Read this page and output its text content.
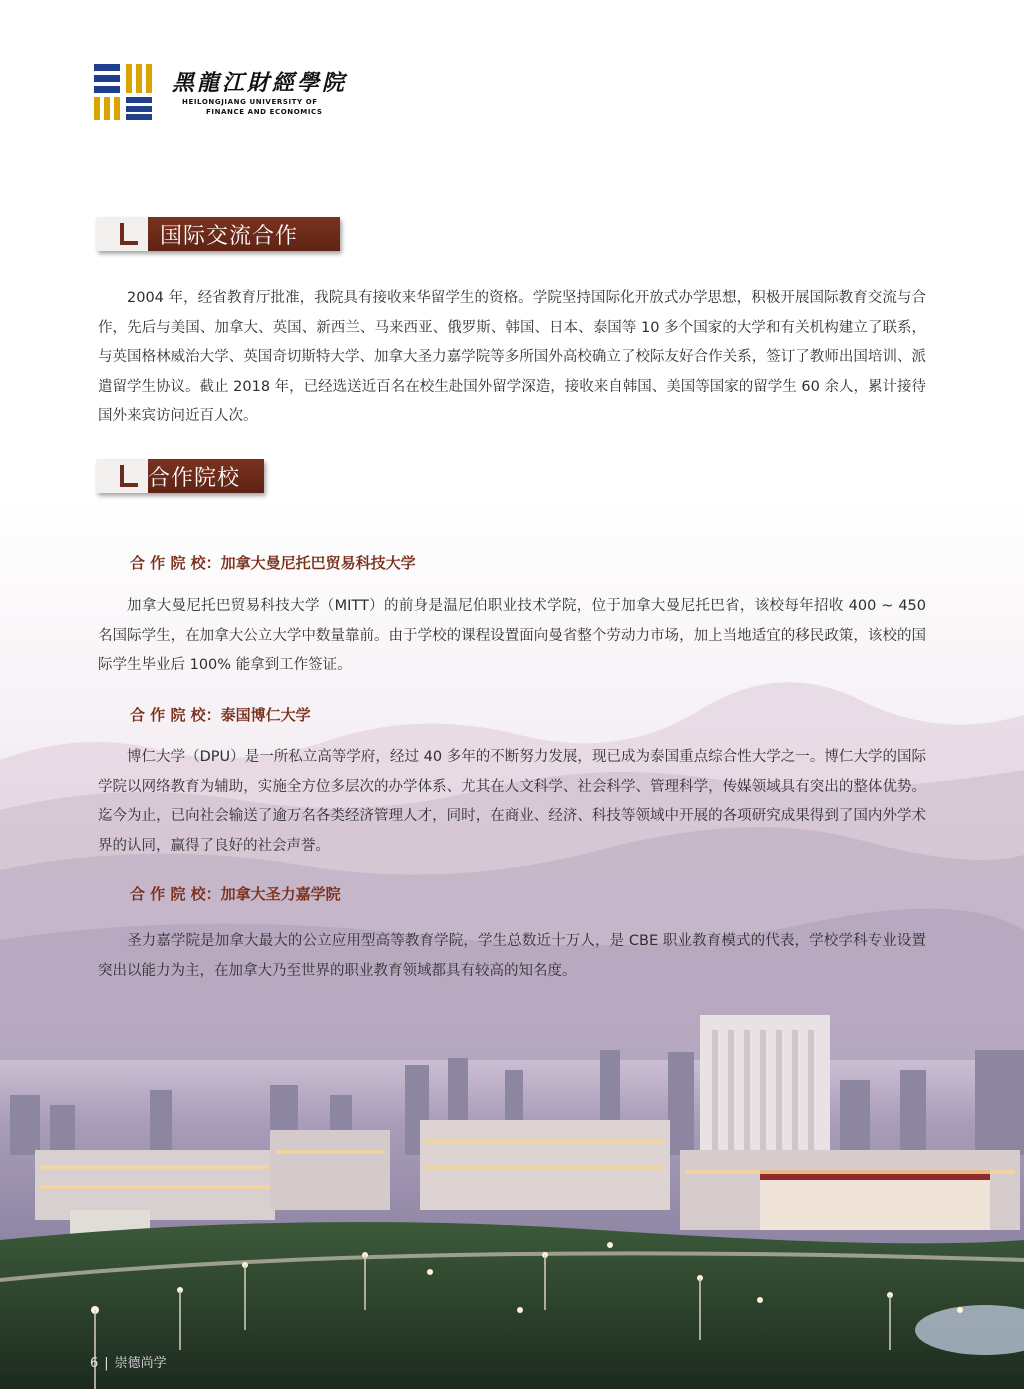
黑龍江財經學院
HEILONGJIANG UNIVERSITY OF
FINANCE AND ECONOMICS
国际交流合作
2004 年，经省教育厅批准，我院具有接收来华留学生的资格。学院坚持国际化开放式办学思想，积极开展国际教育交流与合作，先后与美国、加拿大、英国、新西兰、马来西亚、俄罗斯、韩国、日本、泰国等 10 多个国家的大学和有关机构建立了联系，与英国格林威治大学、英国奇切斯特大学、加拿大圣力嘉学院等多所国外高校确立了校际友好合作关系，签订了教师出国培训、派遣留学生协议。截止 2018 年，已经选送近百名在校生赴国外留学深造，接收来自韩国、美国等国家的留学生 60 余人，累计接待国外来宾访问近百人次。
合作院校
合 作 院 校：加拿大曼尼托巴贸易科技大学
加拿大曼尼托巴贸易科技大学（MITT）的前身是温尼伯职业技术学院，位于加拿大曼尼托巴省，该校每年招收 400 ~ 450 名国际学生，在加拿大公立大学中数量靠前。由于学校的课程设置面向曼省整个劳动力市场，加上当地适宜的移民政策，该校的国际学生毕业后 100% 能拿到工作签证。
合 作 院 校：泰国博仁大学
博仁大学（DPU）是一所私立高等学府，经过 40 多年的不断努力发展，现已成为泰国重点综合性大学之一。博仁大学的国际学院以网络教育为辅助，实施全方位多层次的办学体系、尤其在人文科学、社会科学、管理科学，传媒领域具有突出的整体优势。迄今为止，已向社会输送了逾万名各类经济管理人才，同时，在商业、经济、科技等领域中开展的各项研究成果得到了国内外学术界的认同，赢得了良好的社会声誉。
合 作 院 校：加拿大圣力嘉学院
圣力嘉学院是加拿大最大的公立应用型高等教育学院，学生总数近十万人，是 CBE 职业教育模式的代表，学校学科专业设置突出以能力为主，在加拿大乃至世界的职业教育领域都具有较高的知名度。
6 | 崇德尚学
